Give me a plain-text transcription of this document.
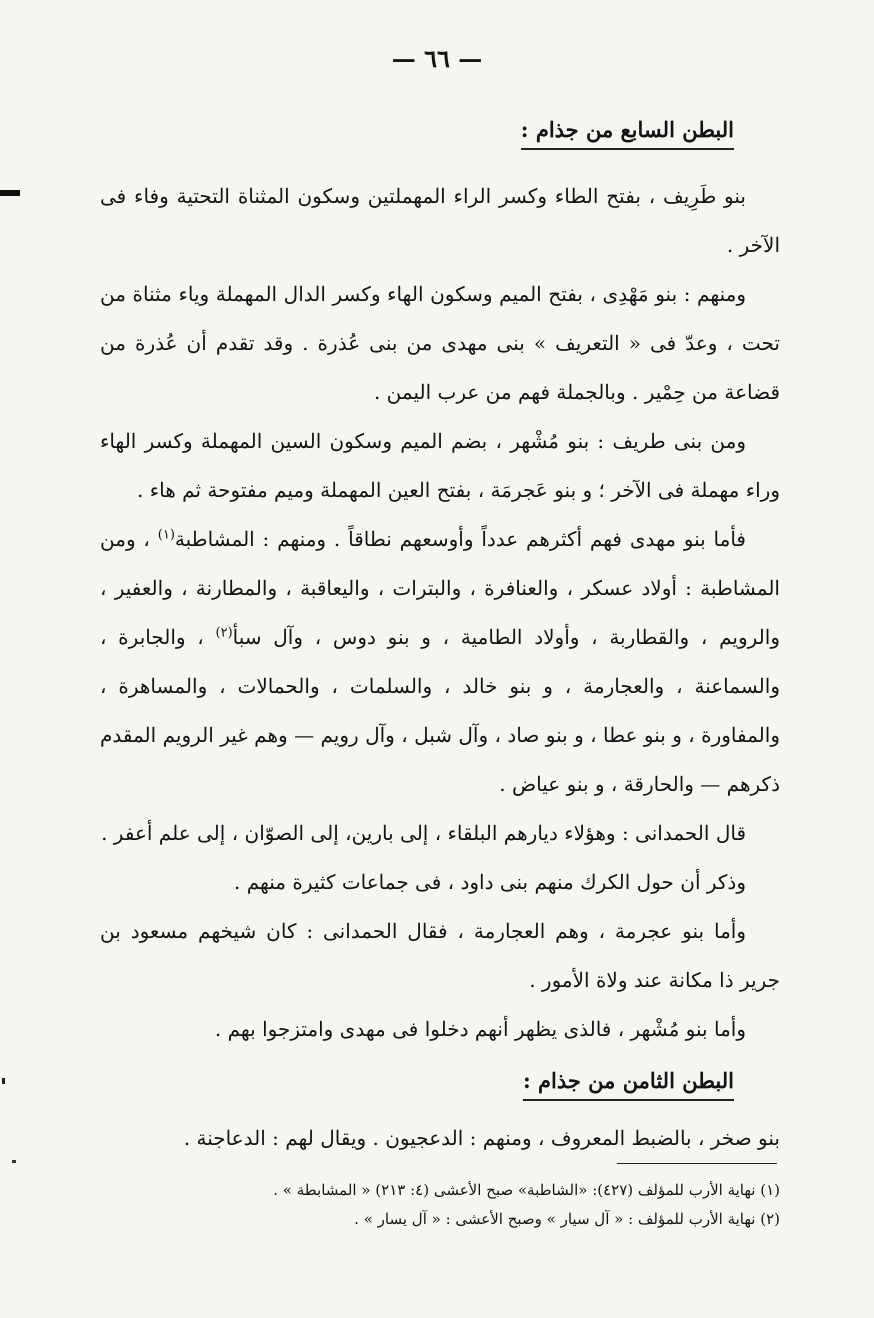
— ٦٦ —
البطن السابع من جذام :

بنو طَرِيف ، بفتح الطاء وكسر الراء المهملتين وسكون المثناة التحتية وفاء فى الآخر .

ومنهم : بنو مَهْدِى ، بفتح الميم وسكون الهاء وكسر الدال المهملة وياء مثناة من تحت ، وعدّ فى « التعريف » بنى مهدى من بنى عُذرة . وقد تقدم أن عُذرة من قضاعة من حِمْير . وبالجملة فهم من عرب اليمن .

ومن بنى طريف : بنو مُشْهر ، بضم الميم وسكون السين المهملة وكسر الهاء وراء مهملة فى الآخر ؛ و بنو عَجرمَة ، بفتح العين المهملة وميم مفتوحة ثم هاء .

فأما بنو مهدى فهم أكثرهم عدداً وأوسعهم نطاقاً . ومنهم : المشاطبة$^{(١)}$ ، ومن المشاطبة : أولاد عسكر ، والعنافرة ، والبترات ، واليعاقبة ، والمطارنة ، والعفير ، والرويم ، والقطاربة ، وأولاد الطامية ، و بنو دوس ، وآل سبأ$^{(٢)}$ ، والجابرة ، والسماعنة ، والعجارمة ، و بنو خالد ، والسلمات ، والحمالات ، والمساهرة ، والمفاورة ، و بنو عطا ، و بنو صاد ، وآل شبل ، وآل رويم — وهم غير الرويم المقدم ذكرهم — والحارقة ، و بنو عياض .

قال الحمدانى : وهؤلاء ديارهم البلقاء ، إلى بارين، إلى الصوّان ، إلى علم أعفر .

وذكر أن حول الكرك منهم بنى داود ، فى جماعات كثيرة منهم .

وأما بنو عجرمة ، وهم العجارمة ، فقال الحمدانى : كان شيخهم مسعود بن جرير ذا مكانة عند ولاة الأمور .

وأما بنو مُشْهر ، فالذى يظهر أنهم دخلوا فى مهدى وامتزجوا بهم .

البطن الثامن من جذام :

بنو صخر ، بالضبط المعروف ، ومنهم : الدعجيون . ويقال لهم : الدعاجنة .

(١) نهاية الأرب للمؤلف (٤٢٧): «الشاطبة» صبح الأعشى (٤: ٢١٣) « المشابطة » .

(٢) نهاية الأرب للمؤلف : « آل سيار » وصبح الأعشى : « آل يسار » .
